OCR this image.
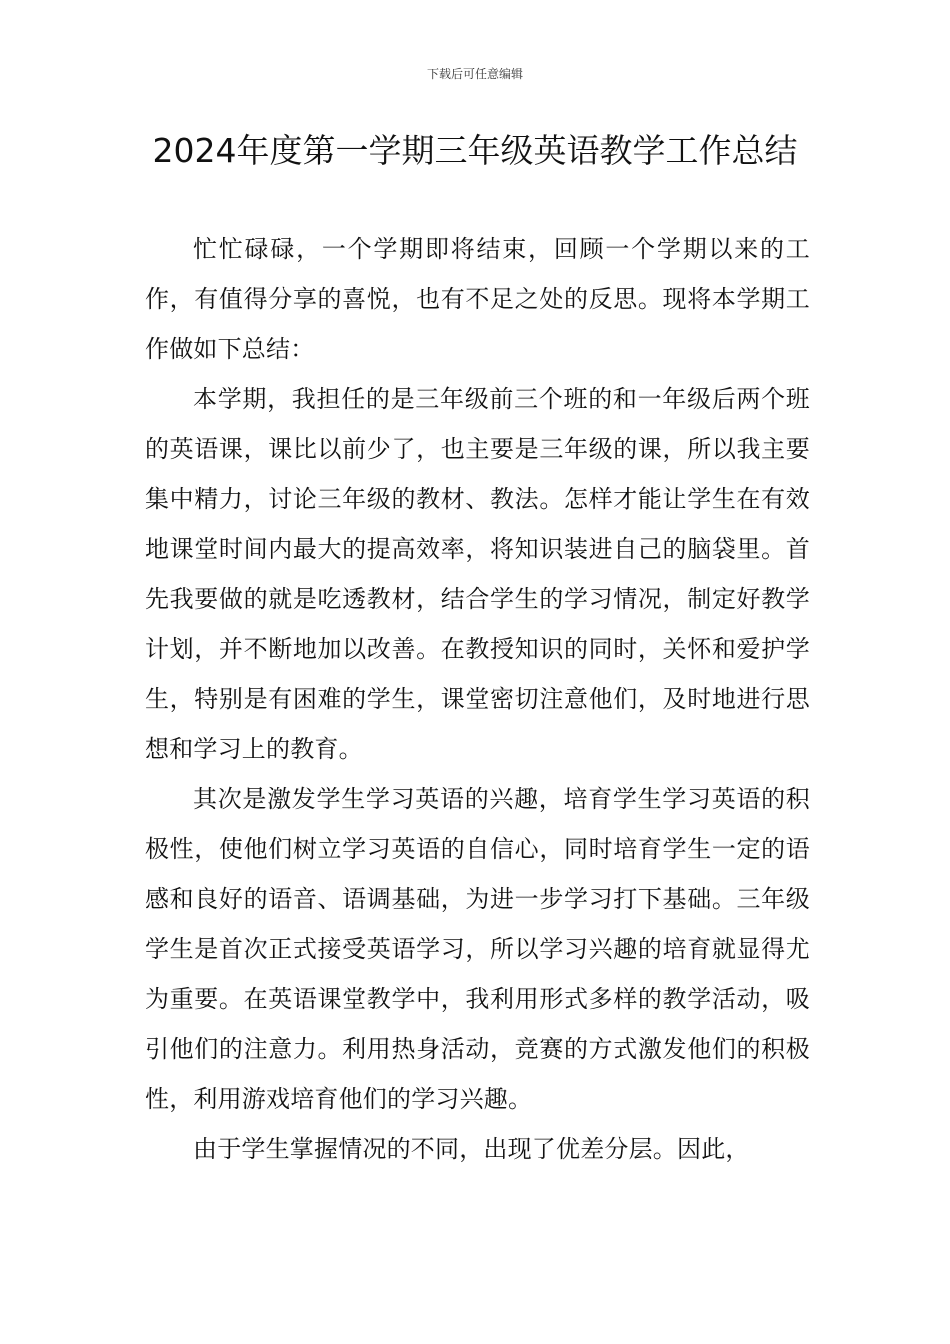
下载后可任意编辑
2024年度第一学期三年级英语教学工作总结

忙忙碌碌，一个学期即将结束，回顾一个学期以来的工作，有值得分享的喜悦，也有不足之处的反思。现将本学期工作做如下总结：

本学期，我担任的是三年级前三个班的和一年级后两个班的英语课，课比以前少了，也主要是三年级的课，所以我主要集中精力，讨论三年级的教材、教法。怎样才能让学生在有效地课堂时间内最大的提高效率，将知识装进自己的脑袋里。首先我要做的就是吃透教材，结合学生的学习情况，制定好教学计划，并不断地加以改善。在教授知识的同时，关怀和爱护学生，特别是有困难的学生，课堂密切注意他们，及时地进行思想和学习上的教育。

其次是激发学生学习英语的兴趣，培育学生学习英语的积极性，使他们树立学习英语的自信心，同时培育学生一定的语感和良好的语音、语调基础，为进一步学习打下基础。三年级学生是首次正式接受英语学习，所以学习兴趣的培育就显得尤为重要。在英语课堂教学中，我利用形式多样的教学活动，吸引他们的注意力。利用热身活动，竞赛的方式激发他们的积极性，利用游戏培育他们的学习兴趣。

由于学生掌握情况的不同，出现了优差分层。因此，
